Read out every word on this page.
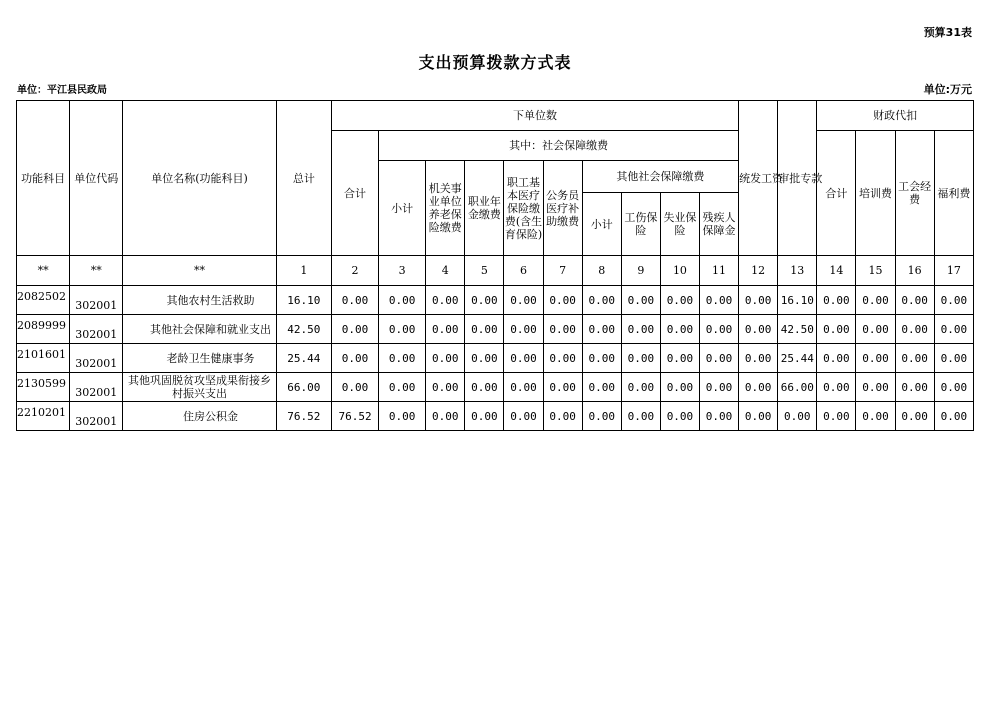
预算31表
支出预算拨款方式表
单位：平江县民政局	单位:万元
功能科目	单位代码	单位名称(功能科目)	总计	下单位数										统发工资	审批专款	财政代扣			
				合计	其中：社会保障缴费											合计	培训费	工会经费	福利费
					小计	机关事业单位养老保险缴费	职业年金缴费	职工基本医疗保险缴费(含生育保险)	公务员医疗补助缴费	其他社会保障缴费									
										小计	工伤保险	失业保险	残疾人保障金						
**	**	**	1	2	3	4	5	6	7	8	9	10	11	12	13	14	15	16	17

2082502	302001	其他农村生活救助	16.10	0.00	0.00	0.00	0.00	0.00	0.00	0.00	0.00	0.00	0.00	0.00	16.10	0.00	0.00	0.00	0.00

2089999	302001	其他社会保障和就业支出	42.50	0.00	0.00	0.00	0.00	0.00	0.00	0.00	0.00	0.00	0.00	0.00	42.50	0.00	0.00	0.00	0.00

2101601	302001	老龄卫生健康事务	25.44	0.00	0.00	0.00	0.00	0.00	0.00	0.00	0.00	0.00	0.00	0.00	25.44	0.00	0.00	0.00	0.00

2130599	302001	其他巩固脱贫攻坚成果衔接乡村振兴支出	66.00	0.00	0.00	0.00	0.00	0.00	0.00	0.00	0.00	0.00	0.00	0.00	66.00	0.00	0.00	0.00	0.00

2210201	302001	住房公积金	76.52	76.52	0.00	0.00	0.00	0.00	0.00	0.00	0.00	0.00	0.00	0.00	0.00	0.00	0.00	0.00	0.00
